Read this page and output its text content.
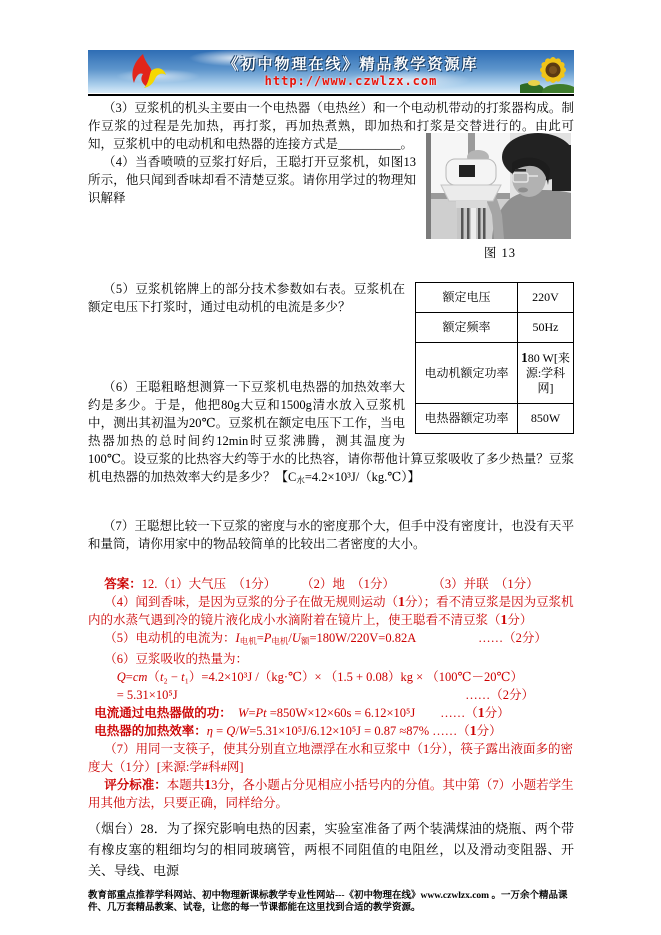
《初中物理在线》精品教学资源库
http://www.czwlzx.com

（3）豆浆机的机头主要由一个电热器（电热丝）和一个电动机带动的打浆器构成。制作豆浆的过程是先加热，再打浆，再加热煮熟，即加热和打浆是交替进行的。由此可知，豆浆机中的电动机和电热器的连接方式是__________。

图 13

（4）当香喷喷的豆浆打好后，王聪打开豆浆机，如图13所示，他只闻到香味却看不清楚豆浆。请你用学过的物理知识解释

额定电压	220V
额定频率	50Hz
电动机额定功率	180 W[来源:学科网]
电热器额定功率	850W

（5）豆浆机铭牌上的部分技术参数如右表。豆浆机在额定电压下打浆时，通过电动机的电流是多少？

（6）王聪粗略想测算一下豆浆机电热器的加热效率大约是多少。于是，他把80g大豆和1500g清水放入豆浆机中，测出其初温为20℃。豆浆机在额定电压下工作，当电热器加热的总时间约12min时豆浆沸腾，测其温度为100℃。设豆浆的比热容大约等于水的比热容，请你帮他计算豆浆吸收了多少热量？豆浆机电热器的加热效率大约是多少？【$C_水=4.2\times 10^3J/(kg.℃)$】

（7）王聪想比较一下豆浆的密度与水的密度那个大，但手中没有密度计，也没有天平和量筒，请你用家中的物品较简单的比较出二者密度的大小。

答案：12.（1）大气压　（1分）　　　（2）地　（1分）　　　　（3）并联　（1分）
（4）闻到香味，是因为豆浆的分子在做无规则运动（1分）；看不清豆浆是因为豆浆机内的水蒸气遇到冷的镜片液化成小水滴附着在镜片上，使王聪看不清豆浆（1分）
（5）电动机的电流为：$I_{电机}=P_{电机}/U_额=180W/220V=0.82A$　　　　　……（2分）
（6）豆浆吸收的热量为：
Q=cm（t₂ − t₁）=4.2×10³J /（kg·℃）× （1.5 + 0.08）kg × （100℃－20℃）
= 5.31×10⁵J	……（2分）
电流通过电热器做的功：　 W=Pt =850W×12×60s = 6.12×10⁵J　　……（1分）
电热器的加热效率：η = Q/W=5.31×10⁵J/6.12×10⁵J = 0.87 ≈87% ……（1分）
（7）用同一支筷子，使其分别直立地漂浮在水和豆浆中（1分），筷子露出液面多的密度大（1分）[来源:学#科#网]
评分标准：本题共13分，各小题占分见相应小括号内的分值。其中第（7）小题若学生用其他方法，只要正确，同样给分。

（烟台）28．为了探究影响电热的因素，实验室准备了两个装满煤油的烧瓶、两个带有橡皮塞的粗细均匀的相同玻璃管，两根不同阻值的电阻丝，以及滑动变阻器、开关、导线、电源

教育部重点推荐学科网站、初中物理新课标教学专业性网站---《初中物理在线》www.czwlzx.com 。一万余个精品课件、几万套精品教案、试卷，让您的每一节课都能在这里找到合适的教学资源。
